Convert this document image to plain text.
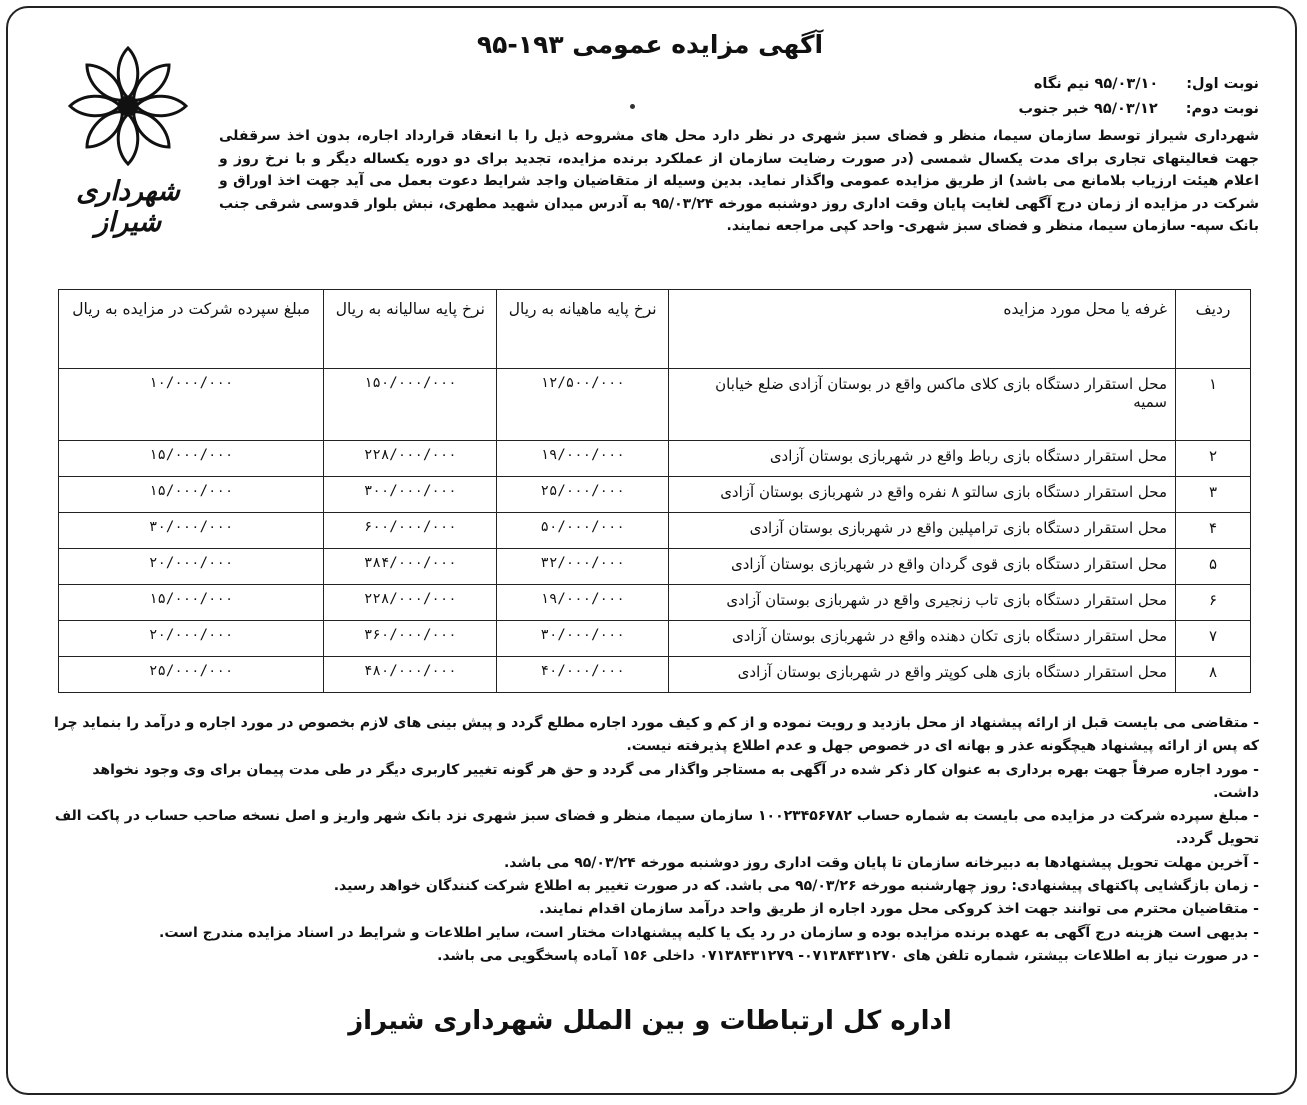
آگهی مزایده عمومی ۱۹۳-۹۵
شهرداری شیراز
نوبت اول:۹۵/۰۳/۱۰ نیم نگاه
نوبت دوم:۹۵/۰۳/۱۲ خبر جنوب
شهرداری شیراز توسط سازمان سیما، منظر و فضای سبز شهری در نظر دارد محل های مشروحه ذیل را با انعقاد قرارداد اجاره، بدون اخذ سرقفلی جهت فعالیتهای تجاری برای مدت یکسال شمسی (در صورت رضایت سازمان از عملکرد برنده مزایده، تجدید برای دو دوره یکساله دیگر و با نرخ روز و اعلام هیئت ارزیاب بلامانع می باشد) از طریق مزایده عمومی واگذار نماید. بدین وسیله از متقاضیان واجد شرایط دعوت بعمل می آید جهت اخذ اوراق و شرکت در مزایده از زمان درج آگهی لغایت پایان وقت اداری روز دوشنبه مورخه ۹۵/۰۳/۲۴ به آدرس میدان شهید مطهری، نبش بلوار قدوسی شرقی جنب بانک سپه- سازمان سیما، منظر و فضای سبز شهری- واحد کپی مراجعه نمایند.
ردیف	غرفه یا محل مورد مزایده	نرخ پایه ماهیانه به ریال	نرخ پایه سالیانه به ریال	مبلغ سپرده شرکت در مزایده به ریال
۱	محل استقرار دستگاه بازی کلای ماکس واقع در بوستان آزادی ضلع خیابان سمیه	۱۲/۵۰۰/۰۰۰	۱۵۰/۰۰۰/۰۰۰	۱۰/۰۰۰/۰۰۰
۲	محل استقرار دستگاه بازی رباط واقع در شهربازی بوستان آزادی	۱۹/۰۰۰/۰۰۰	۲۲۸/۰۰۰/۰۰۰	۱۵/۰۰۰/۰۰۰
۳	محل استقرار دستگاه بازی سالتو ۸ نفره واقع در شهربازی بوستان آزادی	۲۵/۰۰۰/۰۰۰	۳۰۰/۰۰۰/۰۰۰	۱۵/۰۰۰/۰۰۰
۴	محل استقرار دستگاه بازی ترامپلین واقع در شهربازی بوستان آزادی	۵۰/۰۰۰/۰۰۰	۶۰۰/۰۰۰/۰۰۰	۳۰/۰۰۰/۰۰۰
۵	محل استقرار دستگاه بازی قوی گردان واقع در شهربازی بوستان آزادی	۳۲/۰۰۰/۰۰۰	۳۸۴/۰۰۰/۰۰۰	۲۰/۰۰۰/۰۰۰
۶	محل استقرار دستگاه بازی تاب زنجیری واقع در شهربازی بوستان آزادی	۱۹/۰۰۰/۰۰۰	۲۲۸/۰۰۰/۰۰۰	۱۵/۰۰۰/۰۰۰
۷	محل استقرار دستگاه بازی تکان دهنده واقع در شهربازی بوستان آزادی	۳۰/۰۰۰/۰۰۰	۳۶۰/۰۰۰/۰۰۰	۲۰/۰۰۰/۰۰۰
۸	محل استقرار دستگاه بازی هلی کوپتر واقع در شهربازی بوستان آزادی	۴۰/۰۰۰/۰۰۰	۴۸۰/۰۰۰/۰۰۰	۲۵/۰۰۰/۰۰۰

- متقاضی می بایست قبل از ارائه پیشنهاد از محل بازدید و رویت نموده و از کم و کیف مورد اجاره مطلع گردد و پیش بینی های لازم بخصوص در مورد اجاره و درآمد را بنماید چرا که پس از ارائه پیشنهاد هیچگونه عذر و بهانه ای در خصوص جهل و عدم اطلاع پذیرفته نیست.

- مورد اجاره صرفاً جهت بهره برداری به عنوان کار ذکر شده در آگهی به مستاجر واگذار می گردد و حق هر گونه تغییر کاربری دیگر در طی مدت پیمان برای وی وجود نخواهد داشت.

- مبلغ سپرده شرکت در مزایده می بایست به شماره حساب ۱۰۰۲۳۴۵۶۷۸۲ سازمان سیما، منظر و فضای سبز شهری نزد بانک شهر واریز و اصل نسخه صاحب حساب در پاکت الف تحویل گردد.

- آخرین مهلت تحویل پیشنهادها به دبیرخانه سازمان تا پایان وقت اداری روز دوشنبه مورخه ۹۵/۰۳/۲۴ می باشد.

- زمان بازگشایی پاکتهای پیشنهادی: روز چهارشنبه مورخه ۹۵/۰۳/۲۶ می باشد. که در صورت تغییر به اطلاع شرکت کنندگان خواهد رسید.

- متقاضیان محترم می توانند جهت اخذ کروکی محل مورد اجاره از طریق واحد درآمد سازمان اقدام نمایند.

- بدیهی است هزینه درج آگهی به عهده برنده مزایده بوده و سازمان در رد یک یا کلیه پیشنهادات مختار است، سایر اطلاعات و شرایط در اسناد مزایده مندرج است.

- در صورت نیاز به اطلاعات بیشتر، شماره تلفن های ۰۷۱۳۸۴۳۱۲۷۰- ۰۷۱۳۸۴۳۱۲۷۹ داخلی ۱۵۶ آماده پاسخگویی می باشد.

اداره کل ارتباطات و بین الملل شهرداری شیراز
